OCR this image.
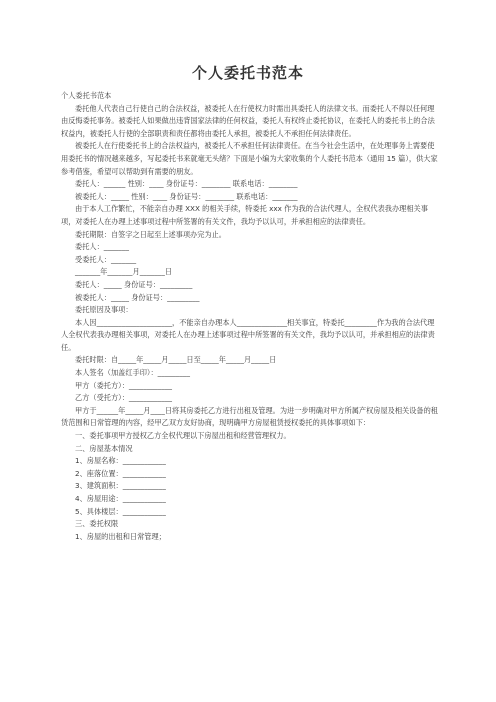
个人委托书范本

个人委托书范本

委托他人代表自己行使自己的合法权益，被委托人在行使权力时需出具委托人的法律文书。而委托人不得以任何理由反悔委托事务。被委托人如果做出违背国家法律的任何权益，委托人有权终止委托协议，在委托人的委托书上的合法权益内，被委托人行使的全部职责和责任都将由委托人承担，被委托人不承担任何法律责任。

被委托人在行使委托书上的合法权益内，被委托人不承担任何法律责任。在当今社会生活中，在处理事务上需要使用委托书的情况越来越多，写起委托书来就毫无头绪？下面是小编为大家收集的个人委托书范本（通用 15 篇），供大家参考借鉴，希望可以帮助到有需要的朋友。

委托人：______ 性别：____ 身份证号：________ 联系电话：________

被委托人：_____ 性别：____ 身份证号：________ 联系电话：_______

由于本人工作繁忙，不能亲自办理 XXX 的相关手续，特委托 xxx 作为我的合法代理人，全权代表我办理相关事项，对委托人在办理上述事项过程中所签署的有关文件，我均予以认可，并承担相应的法律责任。

委托期限：自签字之日起至上述事项办完为止。

委托人：_______

受委托人：_______

_______年_______月_______日

委托人：_____ 身份证号：_________

被委托人：_____ 身份证号：_________

委托原因及事项：

本人因_____________________，不能亲自办理本人______________相关事宜，特委托_________作为我的合法代理人全权代表我办理相关事项，对委托人在办理上述事项过程中所签署的有关文件，我均予以认可，并承担相应的法律责任。

委托时限：自_____年_____月_____日至_____年_____月_____日

本人签名（加盖红手印）：_________

甲方（委托方）：____________

乙方（受托方）：____________

甲方于______年_____月____日将其房委托乙方进行出租及管理。为进一步明确对甲方所属产权房屋及相关设备的租赁范围和日常管理的内容，经甲乙双方友好协商，现明确甲方房屋租赁授权委托的具体事项如下：

一、委托事项甲方授权乙方全权代理以下房屋出租和经营管理权力。

二、房屋基本情况

1、房屋名称：____________

2、座落位置：____________

3、建筑面积：____________

4、房屋用途：____________

5、具体楼层：____________

三、委托权限

1、房屋的出租和日常管理；
